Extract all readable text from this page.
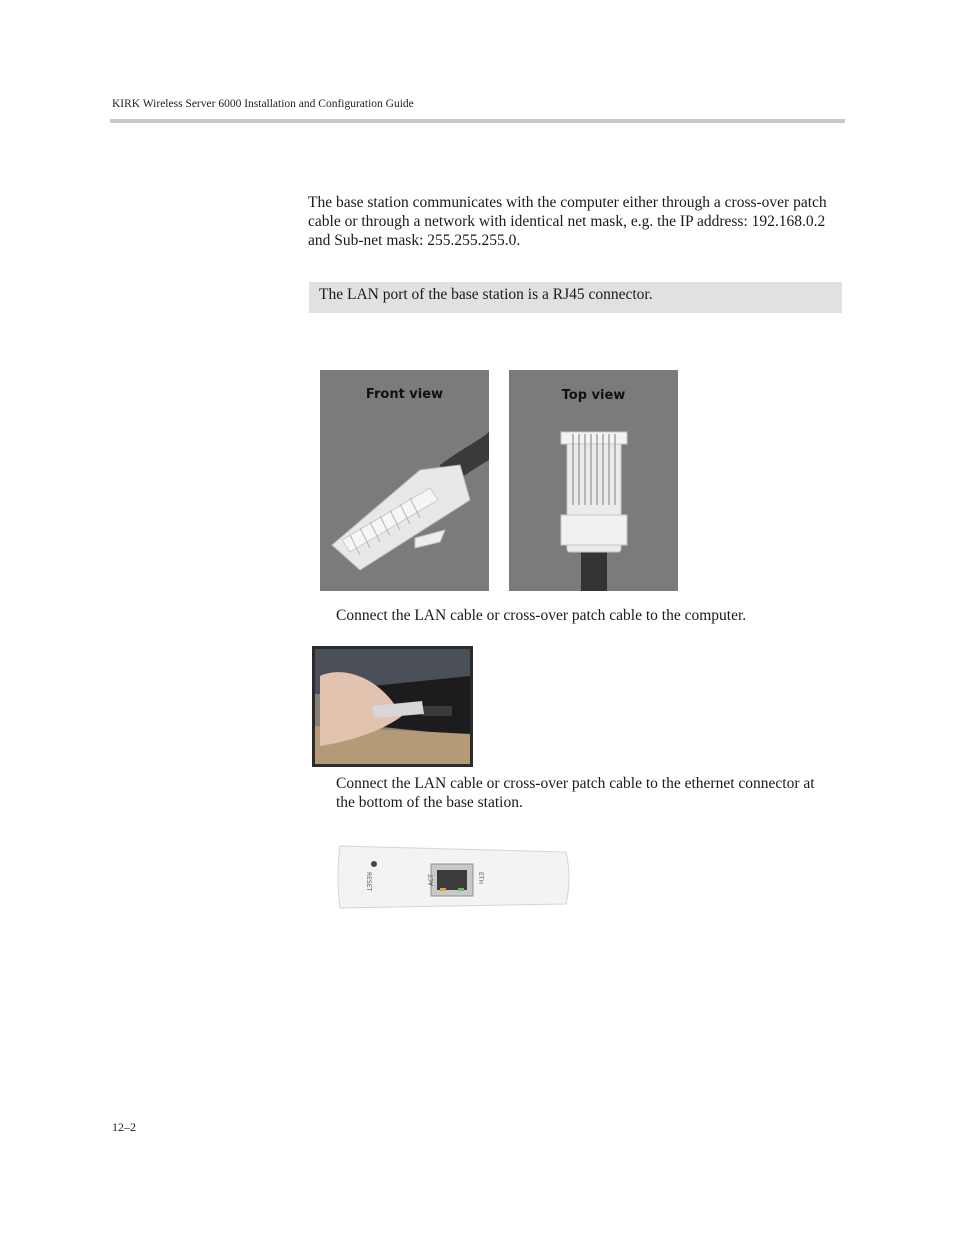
KIRK Wireless Server 6000 Installation and Configuration Guide
The base station communicates with the computer either through a cross-over patch cable or through a network with identical net mask, e.g. the IP address: 192.168.0.2 and Sub-net mask: 255.255.255.0.
The LAN port of the base station is a RJ45 connector.
Front view	Top view
Connect the LAN cable or cross-over patch cable to the computer.
Connect the LAN cable or cross-over patch cable to the ethernet connector at the bottom of the base station.
RESET	ACT	ETH
12–2
